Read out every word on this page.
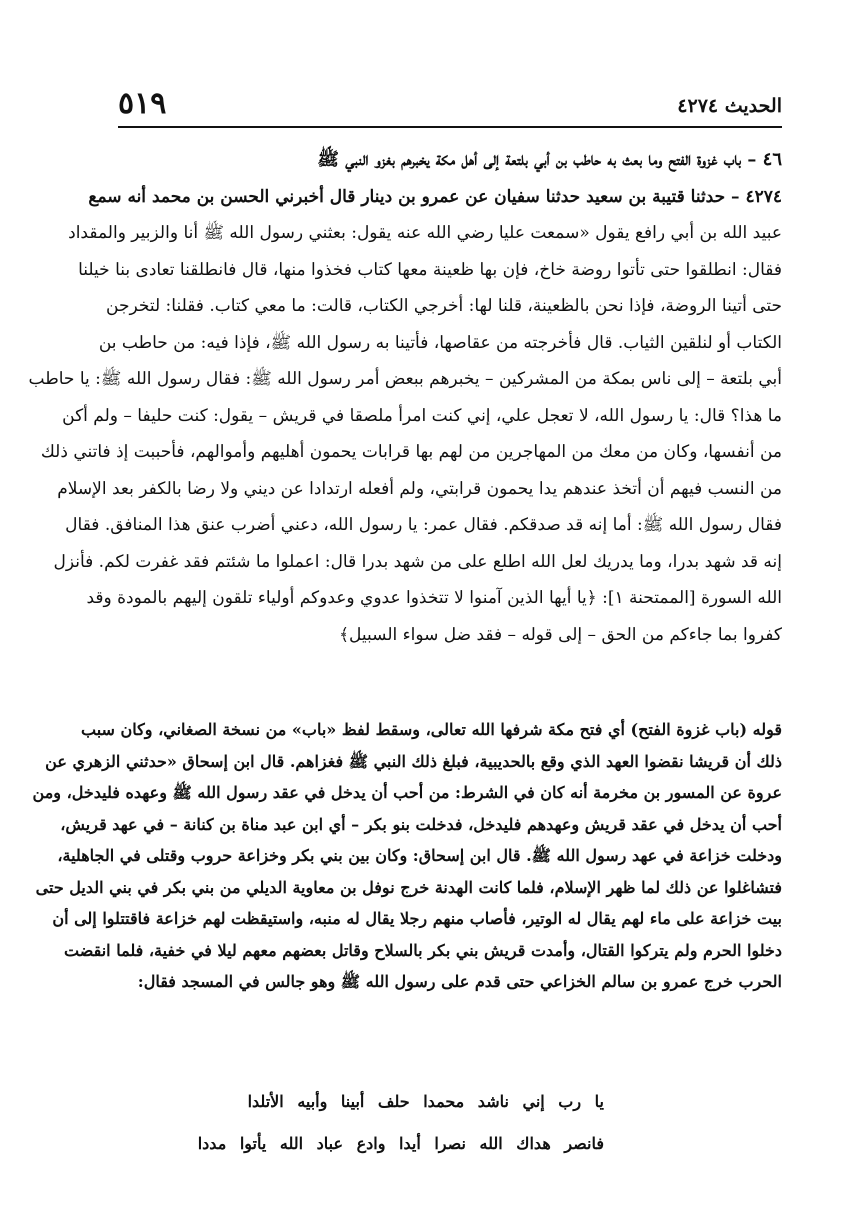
الحديث ٤٢٧٤
٥١٩
٤٦ – باب غزوة الفتح وما بعث به حاطب بن أبي بلتعة إلى أهل مكة يخبرهم بغزو النبي ﷺ
٤٢٧٤ – حدثنا قتيبة بن سعيد حدثنا سفيان عن عمرو بن دينار قال أخبرني الحسن بن محمد أنه سمع
عبيد الله بن أبي رافع يقول «سمعت عليا رضي الله عنه يقول: بعثني رسول الله ﷺ أنا والزبير والمقداد
فقال: انطلقوا حتى تأتوا روضة خاخ، فإن بها ظعينة معها كتاب فخذوا منها، قال فانطلقنا تعادى بنا خيلنا
حتى أتينا الروضة، فإذا نحن بالظعينة، قلنا لها: أخرجي الكتاب، قالت: ما معي كتاب. فقلنا: لتخرجن
الكتاب أو لنلقين الثياب. قال فأخرجته من عقاصها، فأتينا به رسول الله ﷺ، فإذا فيه: من حاطب بن
أبي بلتعة – إلى ناس بمكة من المشركين – يخبرهم ببعض أمر رسول الله ﷺ: فقال رسول الله ﷺ: يا حاطب
ما هذا؟ قال: يا رسول الله، لا تعجل علي، إني كنت امرأ ملصقا في قريش – يقول: كنت حليفا – ولم أكن
من أنفسها، وكان من معك من المهاجرين من لهم بها قرابات يحمون أهليهم وأموالهم، فأحببت إذ فاتني ذلك
من النسب فيهم أن أتخذ عندهم يدا يحمون قرابتي، ولم أفعله ارتدادا عن ديني ولا رضا بالكفر بعد الإسلام
فقال رسول الله ﷺ: أما إنه قد صدقكم. فقال عمر: يا رسول الله، دعني أضرب عنق هذا المنافق. فقال
إنه قد شهد بدرا، وما يدريك لعل الله اطلع على من شهد بدرا قال: اعملوا ما شئتم فقد غفرت لكم. فأنزل
الله السورة [الممتحنة ١]: ﴿يا أيها الذين آمنوا لا تتخذوا عدوي وعدوكم أولياء تلقون إليهم بالمودة وقد
كفروا بما جاءكم من الحق – إلى قوله – فقد ضل سواء السبيل﴾
قوله (باب غزوة الفتح) أي فتح مكة شرفها الله تعالى، وسقط لفظ «باب» من نسخة الصغاني، وكان سبب
ذلك أن قريشا نقضوا العهد الذي وقع بالحديبية، فبلغ ذلك النبي ﷺ فغزاهم. قال ابن إسحاق «حدثني الزهري عن
عروة عن المسور بن مخرمة أنه كان في الشرط: من أحب أن يدخل في عقد رسول الله ﷺ وعهده فليدخل، ومن
أحب أن يدخل في عقد قريش وعهدهم فليدخل، فدخلت بنو بكر – أي ابن عبد مناة بن كنانة – في عهد قريش،
ودخلت خزاعة في عهد رسول الله ﷺ. قال ابن إسحاق: وكان بين بني بكر وخزاعة حروب وقتلى في الجاهلية،
فتشاغلوا عن ذلك لما ظهر الإسلام، فلما كانت الهدنة خرج نوفل بن معاوية الديلي من بني بكر في بني الديل حتى
بيت خزاعة على ماء لهم يقال له الوتير، فأصاب منهم رجلا يقال له منبه، واستيقظت لهم خزاعة فاقتتلوا إلى أن
دخلوا الحرم ولم يتركوا القتال، وأمدت قريش بني بكر بالسلاح وقاتل بعضهم معهم ليلا في خفية، فلما انقضت
الحرب خرج عمرو بن سالم الخزاعي حتى قدم على رسول الله ﷺ وهو جالس في المسجد فقال:
يا رب إني ناشد محمدا حلف أبينا وأبيه الأتلدا
فانصر هداك الله نصرا أيدا وادع عباد الله يأتوا مددا
